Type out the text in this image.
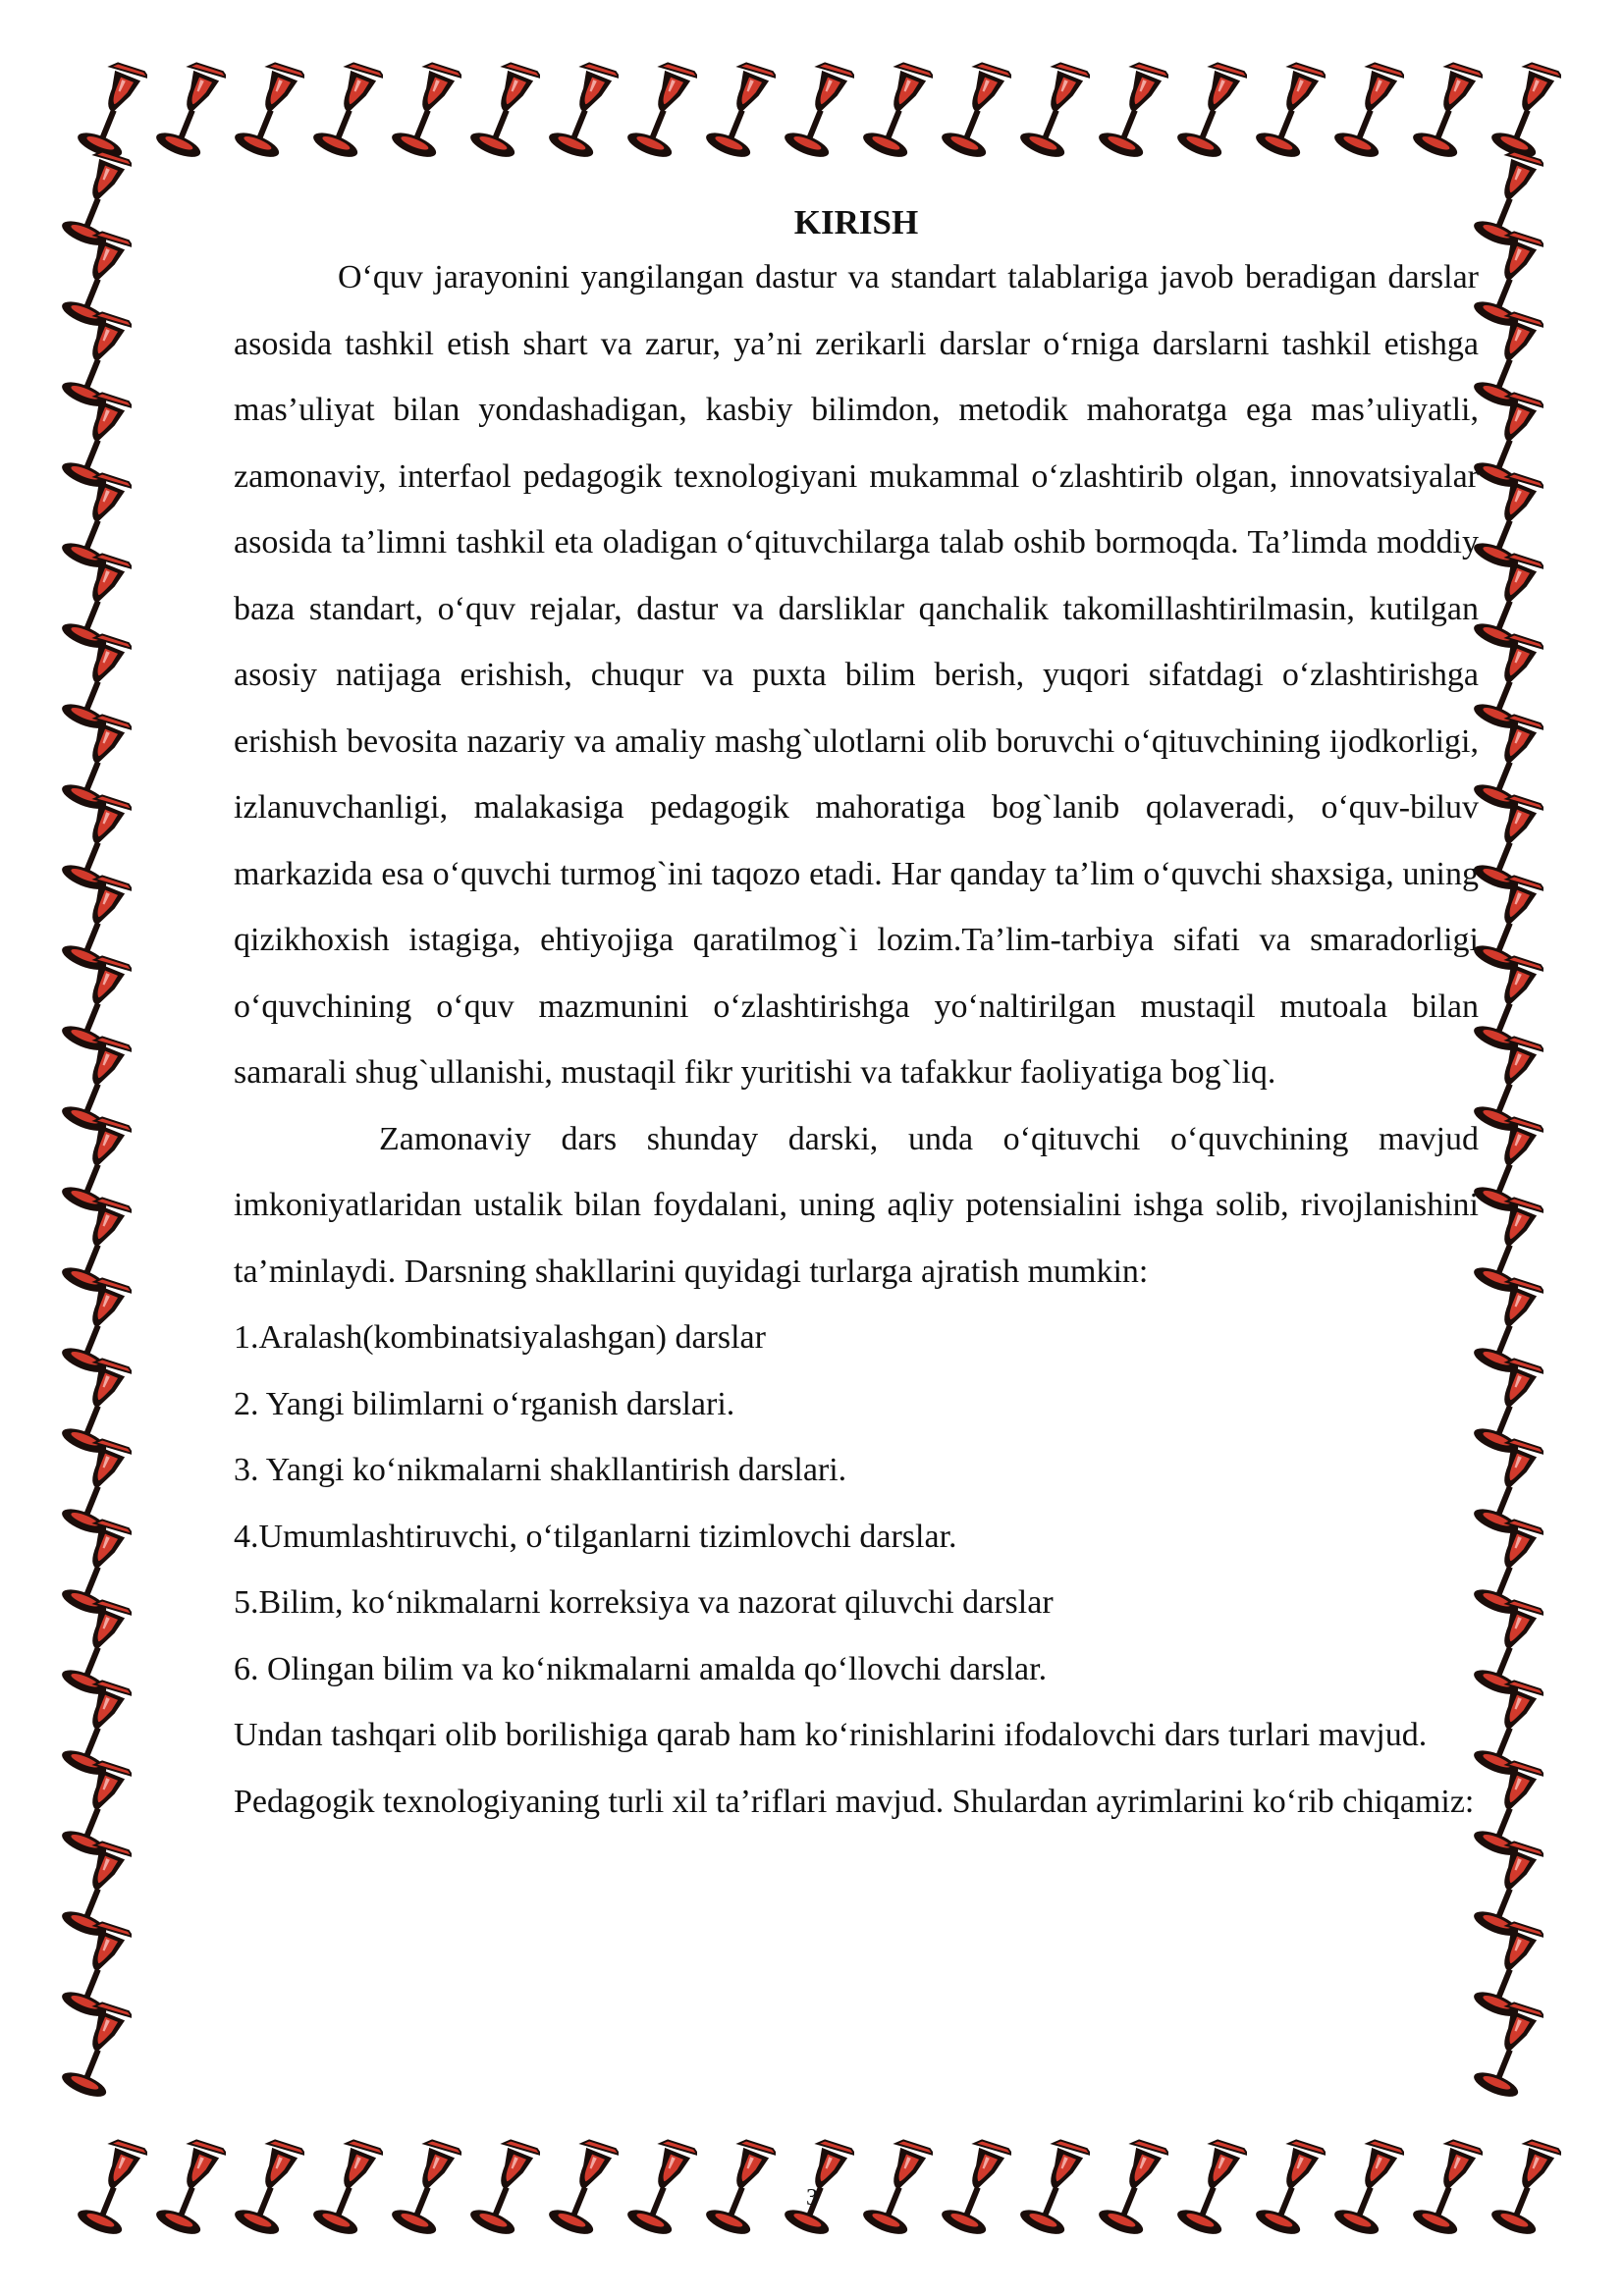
KIRISH

O‘quv jarayonini yangilangan dastur va standart talablariga javob beradigan darslar asosida tashkil etish shart va zarur, ya’ni zerikarli darslar o‘rniga darslarni tashkil etishga mas’uliyat bilan yondashadigan, kasbiy bilimdon, metodik mahoratga ega mas’uliyatli, zamonaviy, interfaol pedagogik texnologiyani mukammal o‘zlashtirib olgan, innovatsiyalar asosida ta’limni tashkil eta oladigan o‘qituvchilarga talab oshib bormoqda. Ta’limda moddiy baza standart, o‘quv rejalar, dastur va darsliklar qanchalik takomillashtirilmasin, kutilgan asosiy natijaga erishish, chuqur va puxta bilim berish, yuqori sifatdagi o‘zlashtirishga erishish bevosita nazariy va amaliy mashg`ulotlarni olib boruvchi o‘qituvchining ijodkorligi, izlanuvchanligi, malakasiga pedagogik mahoratiga bog`lanib qolaveradi, o‘quv-biluv markazida esa o‘quvchi turmog`ini taqozo etadi. Har qanday ta’lim o‘quvchi shaxsiga, uning qizikhoxish istagiga, ehtiyojiga qaratilmog`i lozim.Ta’lim-tarbiya sifati va smaradorligi o‘quvchining o‘quv mazmunini o‘zlashtirishga yo‘naltirilgan mustaqil mutoala bilan samarali shug`ullanishi, mustaqil fikr yuritishi va tafakkur faoliyatiga bog`liq.

Zamonaviy dars shunday darski, unda o‘qituvchi o‘quvchining mavjud imkoniyatlaridan ustalik bilan foydalani, uning aqliy potensialini ishga solib, rivojlanishini ta’minlaydi. Darsning shakllarini quyidagi turlarga ajratish mumkin:

1.Aralash(kombinatsiyalashgan) darslar

2. Yangi bilimlarni o‘rganish darslari.

3. Yangi ko‘nikmalarni shakllantirish darslari.

4.Umumlashtiruvchi, o‘tilganlarni tizimlovchi darslar.

5.Bilim, ko‘nikmalarni korreksiya va nazorat qiluvchi darslar

6. Olingan bilim va ko‘nikmalarni amalda qo‘llovchi darslar.

Undan tashqari olib borilishiga qarab ham ko‘rinishlarini ifodalovchi dars turlari mavjud.

Pedagogik texnologiyaning turli xil ta’riflari mavjud. Shulardan ayrimlarini ko‘rib chiqamiz:

3
